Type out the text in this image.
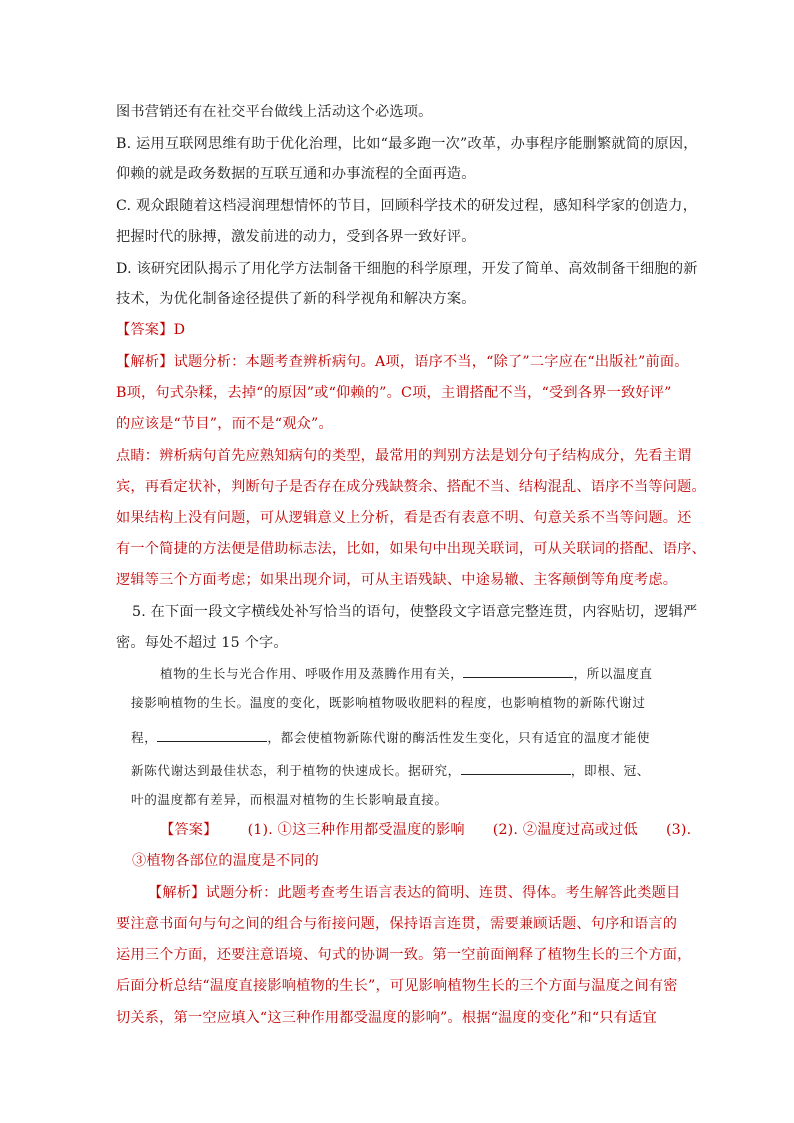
图书营销还有在社交平台做线上活动这个必选项。
B. 运用互联网思维有助于优化治理，比如“最多跑一次”改革，办事程序能删繁就简的原因，
仰赖的就是政务数据的互联互通和办事流程的全面再造。
C. 观众跟随着这档浸润理想情怀的节目，回顾科学技术的研发过程，感知科学家的创造力，
把握时代的脉搏，激发前进的动力，受到各界一致好评。
D. 该研究团队揭示了用化学方法制备干细胞的科学原理，开发了简单、高效制备干细胞的新
技术，为优化制备途径提供了新的科学视角和解决方案。
【答案】D
【解析】试题分析：本题考查辨析病句。A项，语序不当，“除了”二字应在“出版社”前面。
B项，句式杂糅，去掉“的原因”或“仰赖的”。C项，主谓搭配不当，“受到各界一致好评”
的应该是“节目”，而不是“观众”。
点睛：辨析病句首先应熟知病句的类型，最常用的判别方法是划分句子结构成分，先看主谓
宾，再看定状补，判断句子是否存在成分残缺赘余、搭配不当、结构混乱、语序不当等问题。
如果结构上没有问题，可从逻辑意义上分析，看是否有表意不明、句意关系不当等问题。还
有一个简捷的方法便是借助标志法，比如，如果句中出现关联词，可从关联词的搭配、语序、
逻辑等三个方面考虑；如果出现介词，可从主语残缺、中途易辙、主客颠倒等角度考虑。
5. 在下面一段文字横线处补写恰当的语句，使整段文字语意完整连贯，内容贴切，逻辑严
密。每处不超过 15 个字。
植物的生长与光合作用、呼吸作用及蒸腾作用有关，	，所以温度直
接影响植物的生长。温度的变化，既影响植物吸收肥料的程度，也影响植物的新陈代谢过
程，	，都会使植物新陈代谢的酶活性发生变化，只有适宜的温度才能使
新陈代谢达到最佳状态，利于植物的快速成长。据研究，	，即根、冠、
叶的温度都有差异，而根温对植物的生长影响最直接。
【答案】 (1). ①这三种作用都受温度的影响 (2). ②温度过高或过低 (3).
③植物各部位的温度是不同的
【解析】试题分析：此题考查考生语言表达的简明、连贯、得体。考生解答此类题目
要注意书面句与句之间的组合与衔接问题，保持语言连贯，需要兼顾话题、句序和语言的
运用三个方面，还要注意语境、句式的协调一致。第一空前面阐释了植物生长的三个方面，
后面分析总结“温度直接影响植物的生长”，可见影响植物生长的三个方面与温度之间有密
切关系，第一空应填入“这三种作用都受温度的影响”。根据“温度的变化”和“只有适宜
